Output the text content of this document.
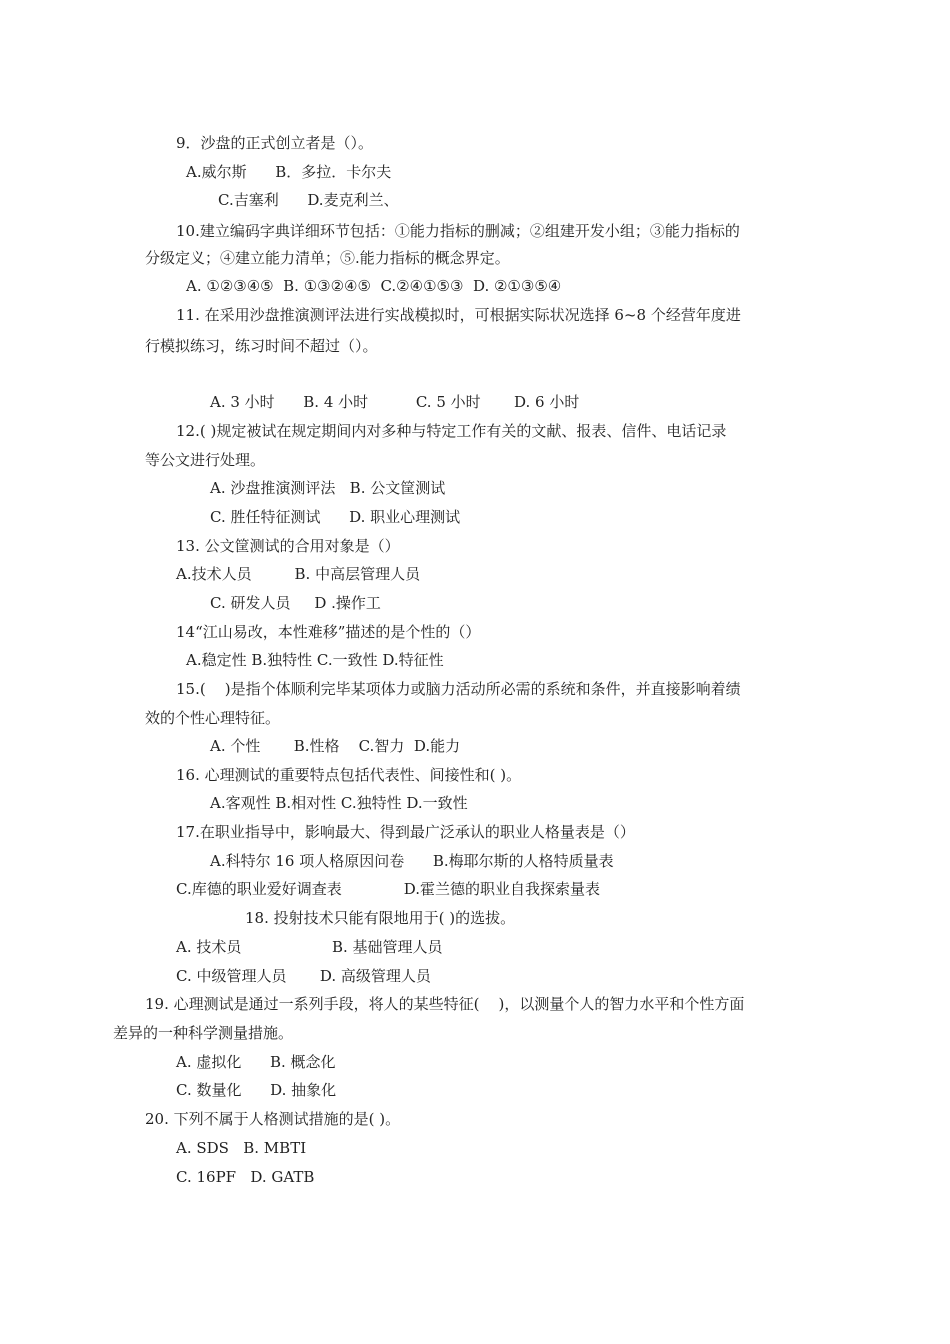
9．沙盘的正式创立者是（）。
A.威尔斯      B．多拉．卡尔夫
C.吉塞利      D.麦克利兰、
10.建立编码字典详细环节包括：①能力指标的删减；②组建开发小组；③能力指标的
分级定义；④建立能力清单；⑤.能力指标的概念界定。
A. ①②③④⑤  B. ①③②④⑤  C.②④①⑤③  D. ②①③⑤④
11. 在采用沙盘推演测评法进行实战模拟时，可根据实际状况选择 6~8 个经营年度进
行模拟练习，练习时间不超过（）。
A. 3 小时      B. 4 小时          C. 5 小时       D. 6 小时
12.( )规定被试在规定期间内对多种与特定工作有关的文献、报表、信件、电话记录
等公文进行处理。
A. 沙盘推演测评法   B. 公文筐测试
C. 胜任特征测试      D. 职业心理测试
13. 公文筐测试的合用对象是（）
A.技术人员         B. 中高层管理人员
C. 研发人员     D .操作工
14“江山易改，本性难移”描述的是个性的（）
A.稳定性 B.独特性 C.一致性 D.特征性
15.(    )是指个体顺利完毕某项体力或脑力活动所必需的系统和条件，并直接影响着绩
效的个性心理特征。
A. 个性       B.性格    C.智力  D.能力
16. 心理测试的重要特点包括代表性、间接性和( )。
A.客观性 B.相对性 C.独特性 D.一致性
17.在职业指导中，影响最大、得到最广泛承认的职业人格量表是（）
A.科特尔 16 项人格原因问卷      B.梅耶尔斯的人格特质量表
C.库德的职业爱好调查表             D.霍兰德的职业自我探索量表
18. 投射技术只能有限地用于( )的选拔。
A. 技术员                   B. 基础管理人员
C. 中级管理人员       D. 高级管理人员
19. 心理测试是通过一系列手段，将人的某些特征(    )，以测量个人的智力水平和个性方面
差异的一种科学测量措施。
A. 虚拟化      B. 概念化
C. 数量化      D. 抽象化
20. 下列不属于人格测试措施的是( )。
A. SDS   B. MBTI
C. 16PF   D. GATB
